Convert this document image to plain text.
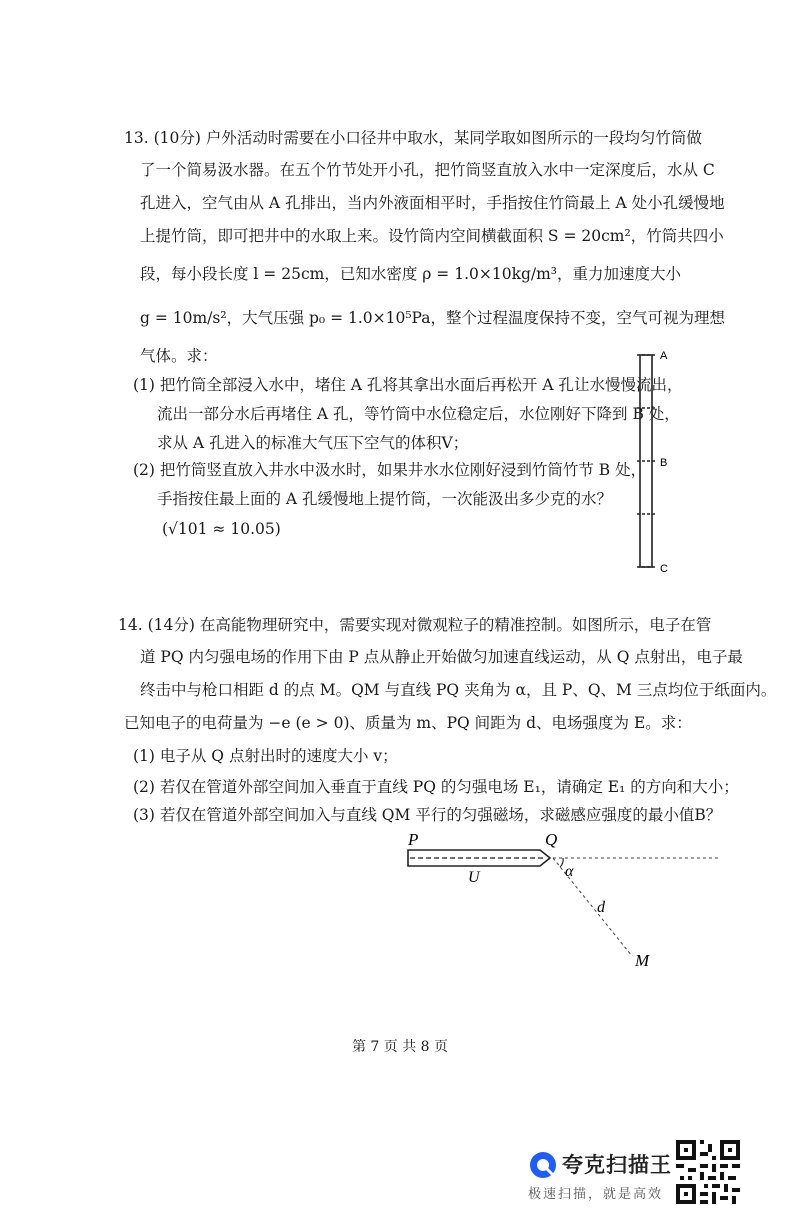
13. (10分) 户外活动时需要在小口径井中取水，某同学取如图所示的一段均匀竹筒做
了一个简易汲水器。在五个竹节处开小孔，把竹筒竖直放入水中一定深度后，水从 C
孔进入，空气由从 A 孔排出，当内外液面相平时，手指按住竹筒最上 A 处小孔缓慢地
上提竹筒，即可把井中的水取上来。设竹筒内空间横截面积 S = 20cm²，竹筒共四小
段，每小段长度 l = 25cm，已知水密度 ρ = 1.0×10kg/m³，重力加速度大小
g = 10m/s²，大气压强 p₀ = 1.0×10⁵Pa，整个过程温度保持不变，空气可视为理想
气体。求：
(1) 把竹筒全部浸入水中，堵住 A 孔将其拿出水面后再松开 A 孔让水慢慢流出，
流出一部分水后再堵住 A 孔，等竹筒中水位稳定后，水位刚好下降到 B 处，
求从 A 孔进入的标准大气压下空气的体积V；
(2) 把竹筒竖直放入井水中汲水时，如果井水水位刚好浸到竹筒竹节 B 处，
手指按住最上面的 A 孔缓慢地上提竹筒，一次能汲出多少克的水？
(√101 ≈ 10.05)
A
B
C
14. (14分) 在高能物理研究中，需要实现对微观粒子的精准控制。如图所示，电子在管
道 PQ 内匀强电场的作用下由 P 点从静止开始做匀加速直线运动，从 Q 点射出，电子最
终击中与枪口相距 d 的点 M。QM 与直线 PQ 夹角为 α，且 P、Q、M 三点均位于纸面内。
已知电子的电荷量为 −e (e > 0)、质量为 m、PQ 间距为 d、电场强度为 E。求：
(1) 电子从 Q 点射出时的速度大小 v；
(2) 若仅在管道外部空间加入垂直于直线 PQ 的匀强电场 E₁，请确定 E₁ 的方向和大小；
(3) 若仅在管道外部空间加入与直线 QM 平行的匀强磁场，求磁感应强度的最小值B？
P	Q
U	α
d
M
第 7 页 共 8 页
夸克扫描王
极速扫描，就是高效
